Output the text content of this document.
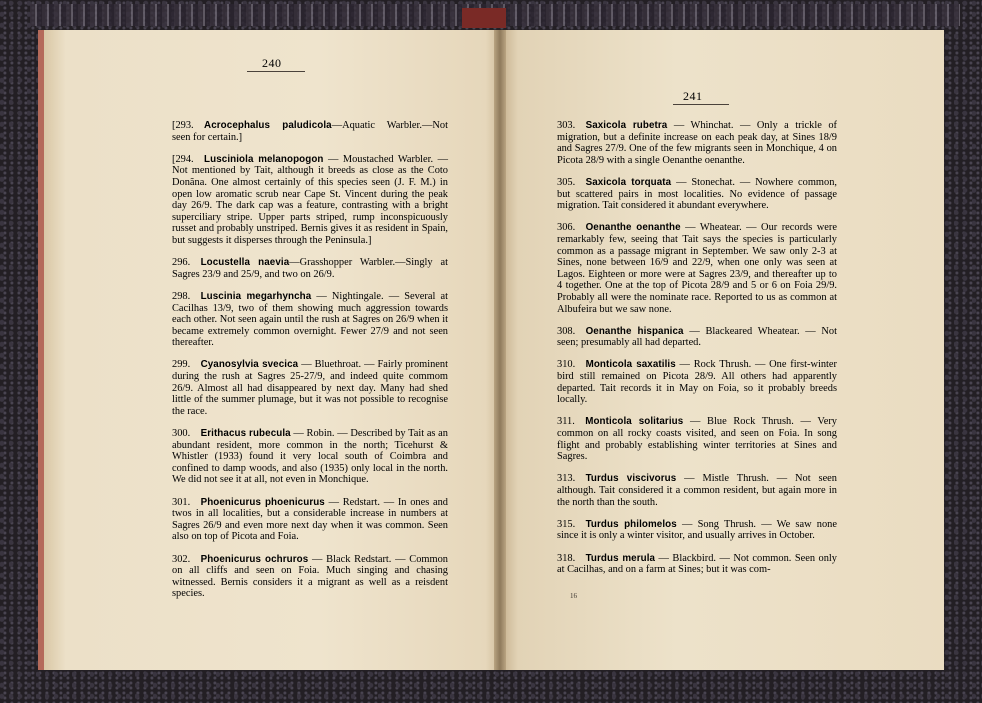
240
241

[293.  Acrocephalus paludicola—Aquatic Warbler.—Not seen for certain.]

[294.  Lusciniola melanopogon — Moustached Warbler. — Not mentioned by Tait, although it breeds as close as the Coto Donãna. One almost certainly of this species seen (J. F. M.) in open low aromatic scrub near Cape St. Vincent during the peak day 26/9. The dark cap was a feature, contrasting with a bright superciliary stripe. Upper parts striped, rump inconspicuously russet and probably unstriped. Bernis gives it as resident in Spain, but suggests it disperses through the Peninsula.]

296.  Locustella naevia—Grasshopper Warbler.—Singly at Sagres 23/9 and 25/9, and two on 26/9.

298.  Luscinia megarhyncha — Nightingale. — Several at Cacilhas 13/9, two of them showing much aggression towards each other. Not seen again until the rush at Sagres on 26/9 when it became extremely common overnight. Fewer 27/9 and not seen thereafter.

299.  Cyanosylvia svecica — Bluethroat. — Fairly prominent during the rush at Sagres 25-27/9, and indeed quite commom 26/9. Almost all had disappeared by next day. Many had shed little of the summer plumage, but it was not possible to recognise the race.

300.  Erithacus rubecula — Robin. — Described by Tait as an abundant resident, more common in the north; Ticehurst & Whistler (1933) found it very local south of Coimbra and confined to damp woods, and also (1935) only local in the north. We did not see it at all, not even in Monchique.

301.  Phoenicurus phoenicurus — Redstart. — In ones and twos in all localities, but a considerable increase in numbers at Sagres 26/9 and even more next day when it was common. Seen also on top of Picota and Foia.

302.  Phoenicurus ochruros — Black Redstart. — Common on all cliffs and seen on Foia. Much singing and chasing witnessed. Bernis considers it a migrant as well as a reisdent species.

303.  Saxicola rubetra — Whinchat. — Only a trickle of migration, but a definite increase on each peak day, at Sines 18/9 and Sagres 27/9. One of the few migrants seen in Monchique, 4 on Picota 28/9 with a single Oenanthe oenanthe.

305.  Saxicola torquata — Stonechat. — Nowhere common, but scattered pairs in most localities. No evidence of passage migration. Tait considered it abundant everywhere.

306.  Oenanthe oenanthe — Wheatear. — Our records were remarkably few, seeing that Tait says the species is particularly common as a passage migrant in September. We saw only 2-3 at Sines, none between 16/9 and 22/9, when one only was seen at Lagos. Eighteen or more were at Sagres 23/9, and thereafter up to 4 together. One at the top of Picota 28/9 and 5 or 6 on Foia 29/9. Probably all were the nominate race. Reported to us as common at Albufeira but we saw none.

308.  Oenanthe hispanica — Blackeared Wheatear. — Not seen; presumably all had departed.

310.  Monticola saxatilis — Rock Thrush. — One first-winter bird still remained on Picota 28/9. All others had apparently departed. Tait records it in May on Foia, so it probably breeds locally.

311.  Monticola solitarius — Blue Rock Thrush. — Very common on all rocky coasts visited, and seen on Foia. In song flight and probably establishing winter territories at Sines and Sagres.

313.  Turdus viscivorus — Mistle Thrush. — Not seen although. Tait considered it a common resident, but again more in the north than the south.

315.  Turdus philomelos — Song Thrush. — We saw none since it is only a winter visitor, and usually arrives in October.

318.  Turdus merula — Blackbird. — Not common. Seen only at Cacilhas, and on a farm at Sines; but it was com-

16
